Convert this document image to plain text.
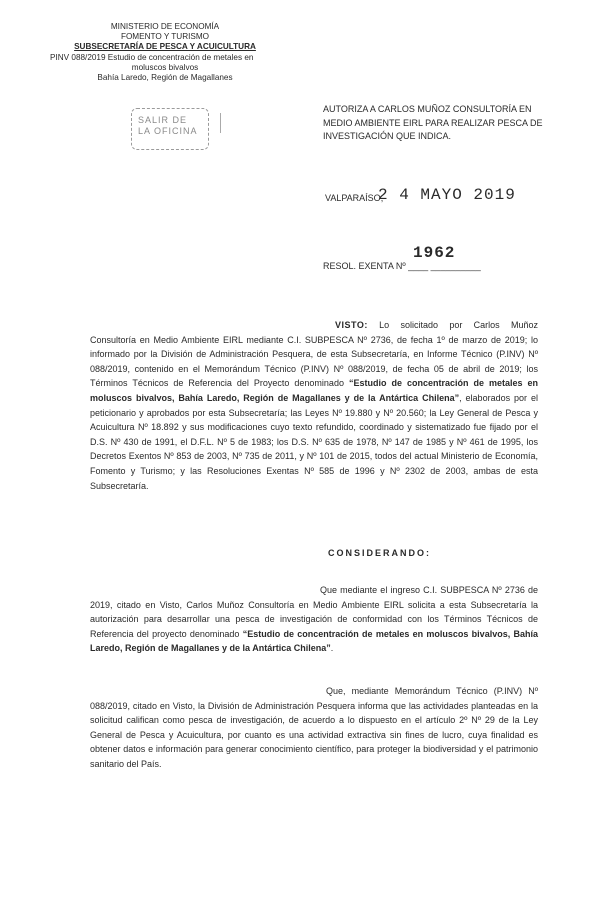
MINISTERIO DE ECONOMÍA
FOMENTO Y TURISMO
SUBSECRETARÍA DE PESCA Y ACUICULTURA
PINV 088/2019 Estudio de concentración de metales en
moluscos bivalvos
Bahía Laredo, Región de Magallanes
SALIR DE
LA OFICINA
AUTORIZA A CARLOS MUÑOZ CONSULTORÍA EN MEDIO AMBIENTE EIRL PARA REALIZAR PESCA DE INVESTIGACIÓN QUE INDICA.
VALPARAÍSO,
2 4 MAYO 2019
1962
RESOL. EXENTA Nº ____ __________

VISTO: Lo solicitado por Carlos Muñoz Consultoría en Medio Ambiente EIRL mediante C.I. SUBPESCA Nº 2736, de fecha 1º de marzo de 2019; lo informado por la División de Administración Pesquera, de esta Subsecretaría, en Informe Técnico (P.INV) Nº 088/2019, contenido en el Memorándum Técnico (P.INV) Nº 088/2019, de fecha 05 de abril de 2019; los Términos Técnicos de Referencia del Proyecto denominado “Estudio de concentración de metales en moluscos bivalvos, Bahía Laredo, Región de Magallanes y de la Antártica Chilena”, elaborados por el peticionario y aprobados por esta Subsecretaría; las Leyes Nº 19.880 y Nº 20.560; la Ley General de Pesca y Acuicultura Nº 18.892 y sus modificaciones cuyo texto refundido, coordinado y sistematizado fue fijado por el D.S. Nº 430 de 1991, el D.F.L. Nº 5 de 1983; los D.S. Nº 635 de 1978, Nº 147 de 1985 y Nº 461 de 1995, los Decretos Exentos Nº 853 de 2003, Nº 735 de 2011, y Nº 101 de 2015, todos del actual Ministerio de Economía, Fomento y Turismo; y las Resoluciones Exentas Nº 585 de 1996 y Nº 2302 de 2003, ambas de esta Subsecretaría.

CONSIDERANDO:

Que mediante el ingreso C.I. SUBPESCA Nº 2736 de 2019, citado en Visto, Carlos Muñoz Consultoría en Medio Ambiente EIRL solicita a esta Subsecretaría la autorización para desarrollar una pesca de investigación de conformidad con los Términos Técnicos de Referencia del proyecto denominado “Estudio de concentración de metales en moluscos bivalvos, Bahía Laredo, Región de Magallanes y de la Antártica Chilena”.

Que, mediante Memorándum Técnico (P.INV) Nº 088/2019, citado en Visto, la División de Administración Pesquera informa que las actividades planteadas en la solicitud califican como pesca de investigación, de acuerdo a lo dispuesto en el artículo 2º Nº 29 de la Ley General de Pesca y Acuicultura, por cuanto es una actividad extractiva sin fines de lucro, cuya finalidad es obtener datos e información para generar conocimiento científico, para proteger la biodiversidad y el patrimonio sanitario del País.
